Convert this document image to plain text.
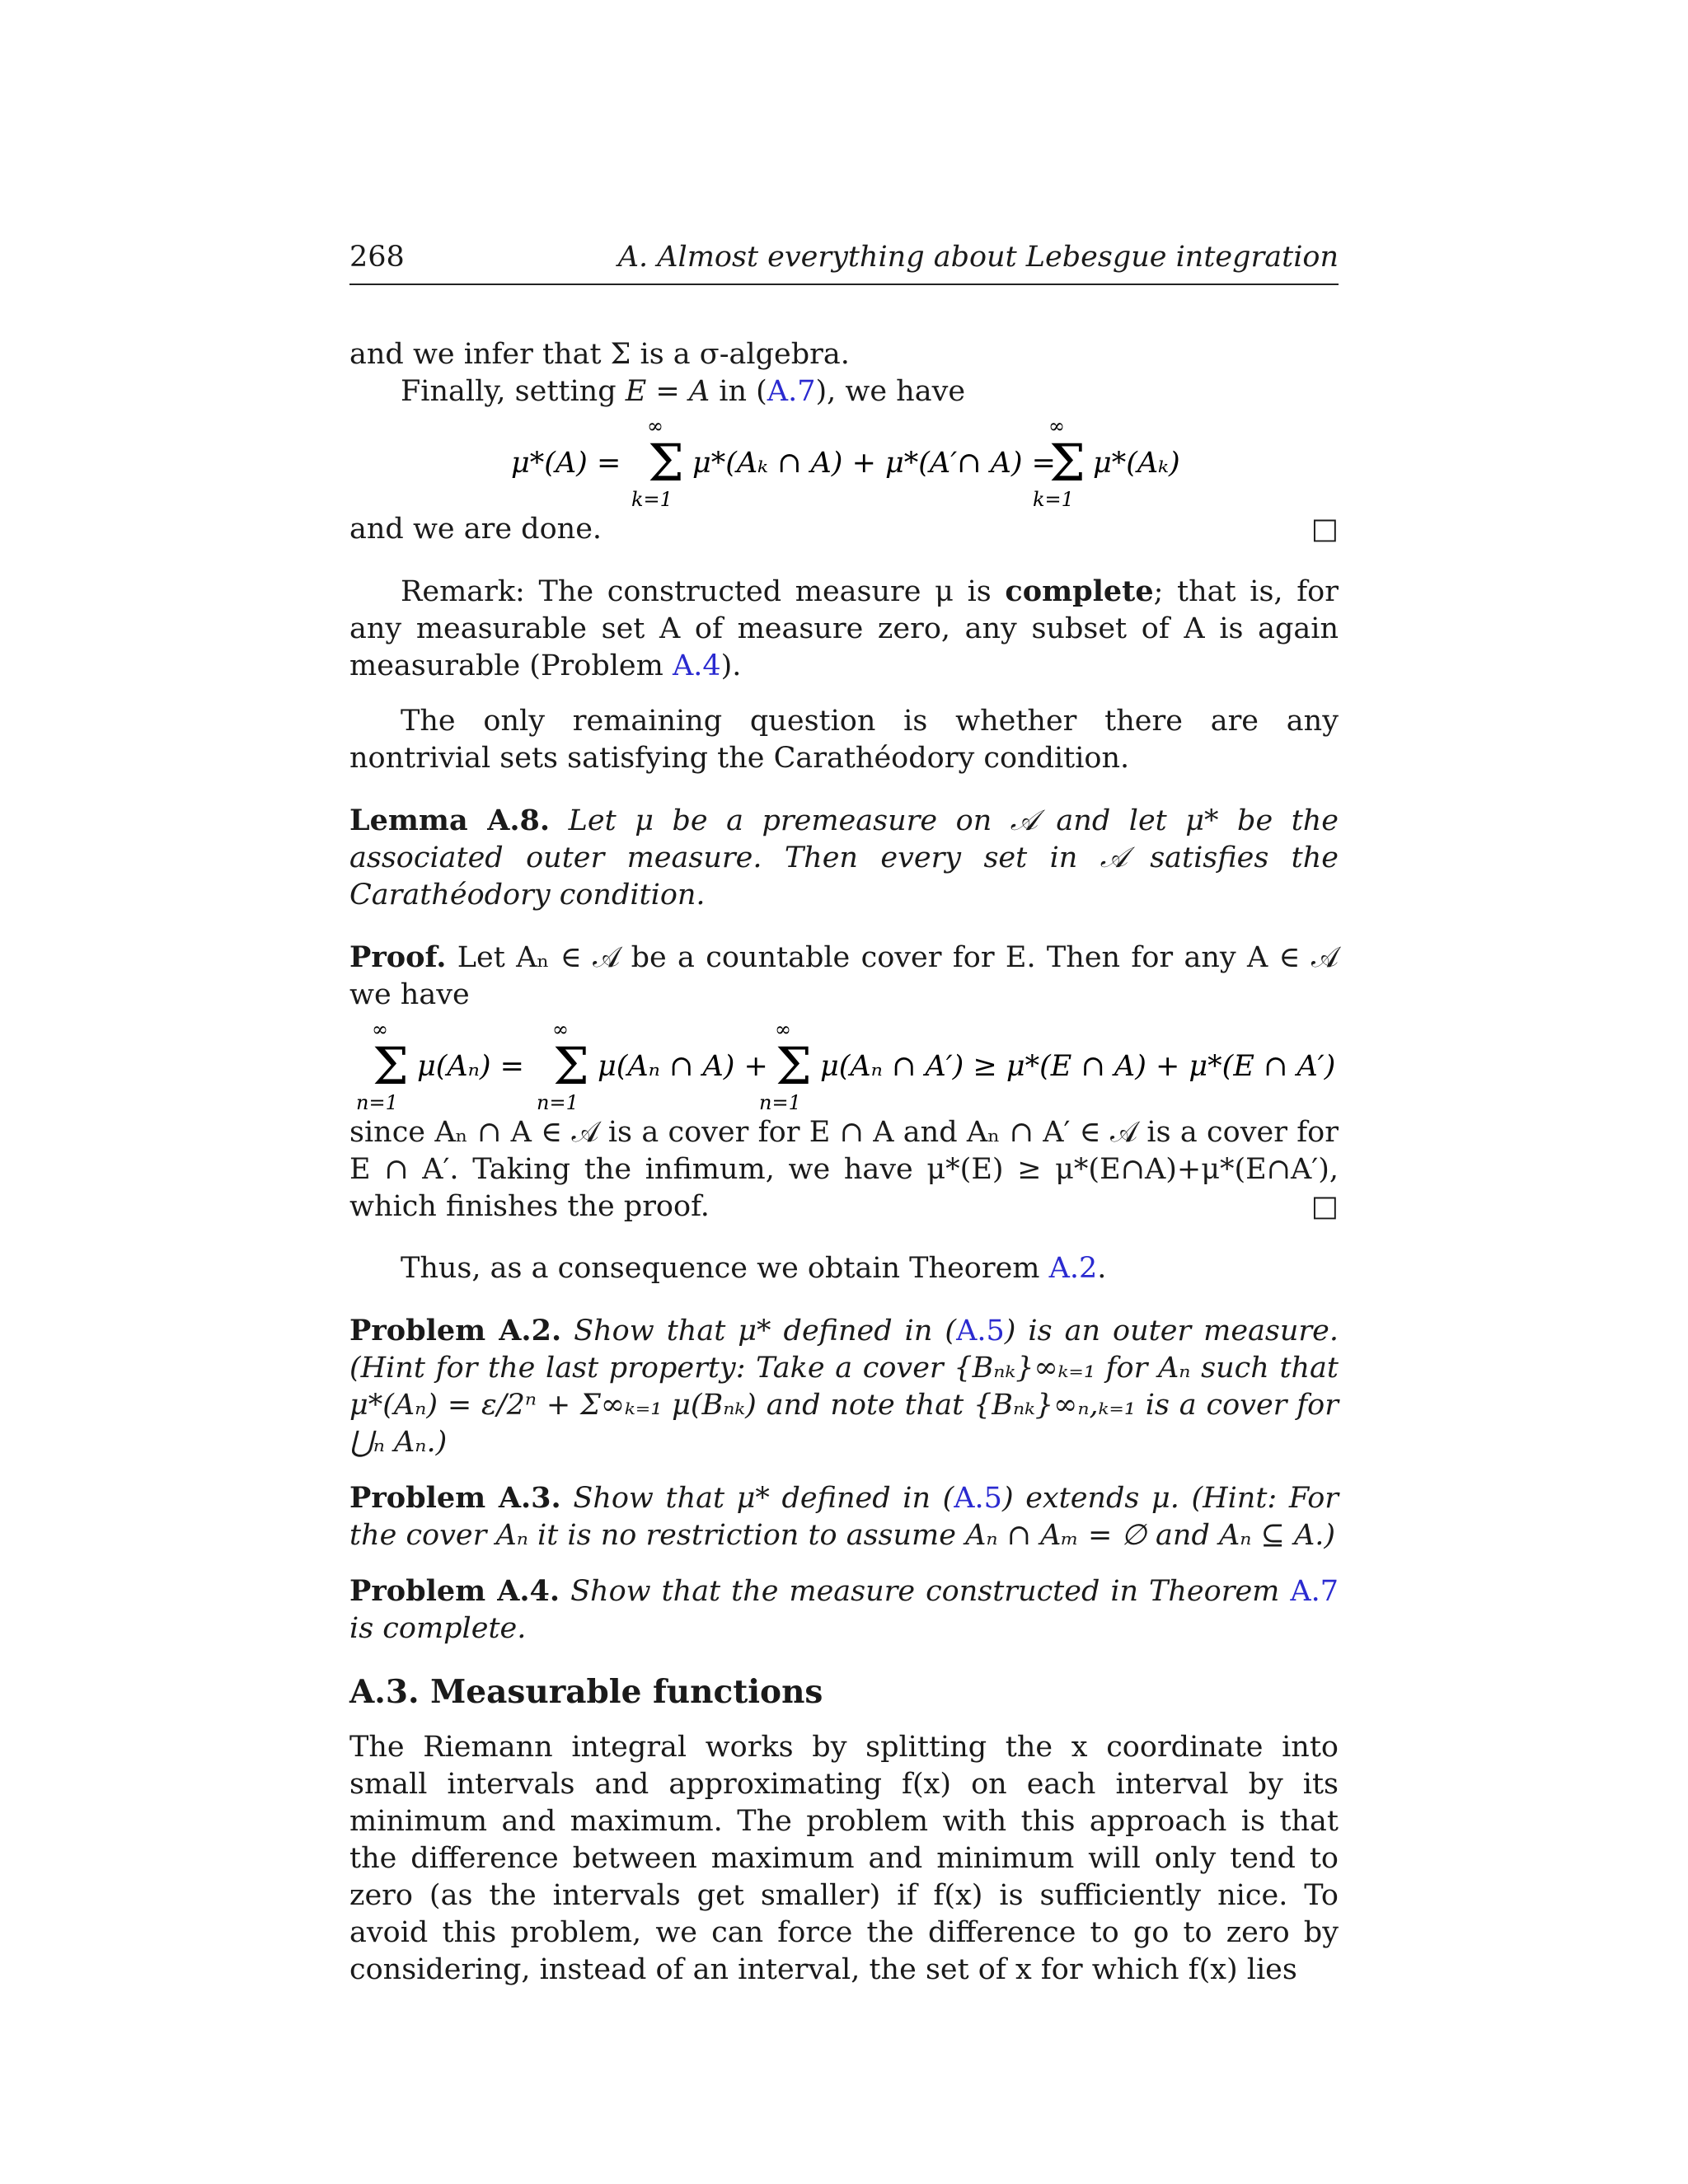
268	A. Almost everything about Lebesgue integration

and we infer that Σ is a σ-algebra.

Finally, setting E = A in (A.7), we have

μ*(A) =
∞
Σ
k=1
μ*(Aₖ ∩ A) + μ*(A′∩ A) =
∞
Σ
k=1
μ*(Aₖ)

and we are done.	□

Remark: The constructed measure μ is complete; that is, for any measurable set A of measure zero, any subset of A is again measurable (Problem A.4).

The only remaining question is whether there are any nontrivial sets satisfying the Carathéodory condition.

Lemma A.8. Let μ be a premeasure on 𝒜 and let μ* be the associated outer measure. Then every set in 𝒜 satisfies the Carathéodory condition.

Proof. Let Aₙ ∈ 𝒜 be a countable cover for E. Then for any A ∈ 𝒜 we have

∞
Σ
n=1
μ(Aₙ) =
∞
Σ
n=1
μ(Aₙ ∩ A) +
∞
Σ
n=1
μ(Aₙ ∩ A′) ≥ μ*(E ∩ A) + μ*(E ∩ A′)

since Aₙ ∩ A ∈ 𝒜 is a cover for E ∩ A and Aₙ ∩ A′ ∈ 𝒜 is a cover for E ∩ A′. Taking the infimum, we have μ*(E) ≥ μ*(E∩A)+μ*(E∩A′), which finishes the proof.	□

Thus, as a consequence we obtain Theorem A.2.

Problem A.2. Show that μ* defined in (A.5) is an outer measure. (Hint for the last property: Take a cover {Bₙₖ}∞ₖ₌₁ for Aₙ such that μ*(Aₙ) = ε/2ⁿ + Σ∞ₖ₌₁ μ(Bₙₖ) and note that {Bₙₖ}∞ₙ,ₖ₌₁ is a cover for ⋃ₙ Aₙ.)

Problem A.3. Show that μ* defined in (A.5) extends μ. (Hint: For the cover Aₙ it is no restriction to assume Aₙ ∩ Aₘ = ∅ and Aₙ ⊆ A.)

Problem A.4. Show that the measure constructed in Theorem A.7 is complete.

A.3. Measurable functions

The Riemann integral works by splitting the x coordinate into small intervals and approximating f(x) on each interval by its minimum and maximum. The problem with this approach is that the difference between maximum and minimum will only tend to zero (as the intervals get smaller) if f(x) is sufficiently nice. To avoid this problem, we can force the difference to go to zero by considering, instead of an interval, the set of x for which f(x) lies
